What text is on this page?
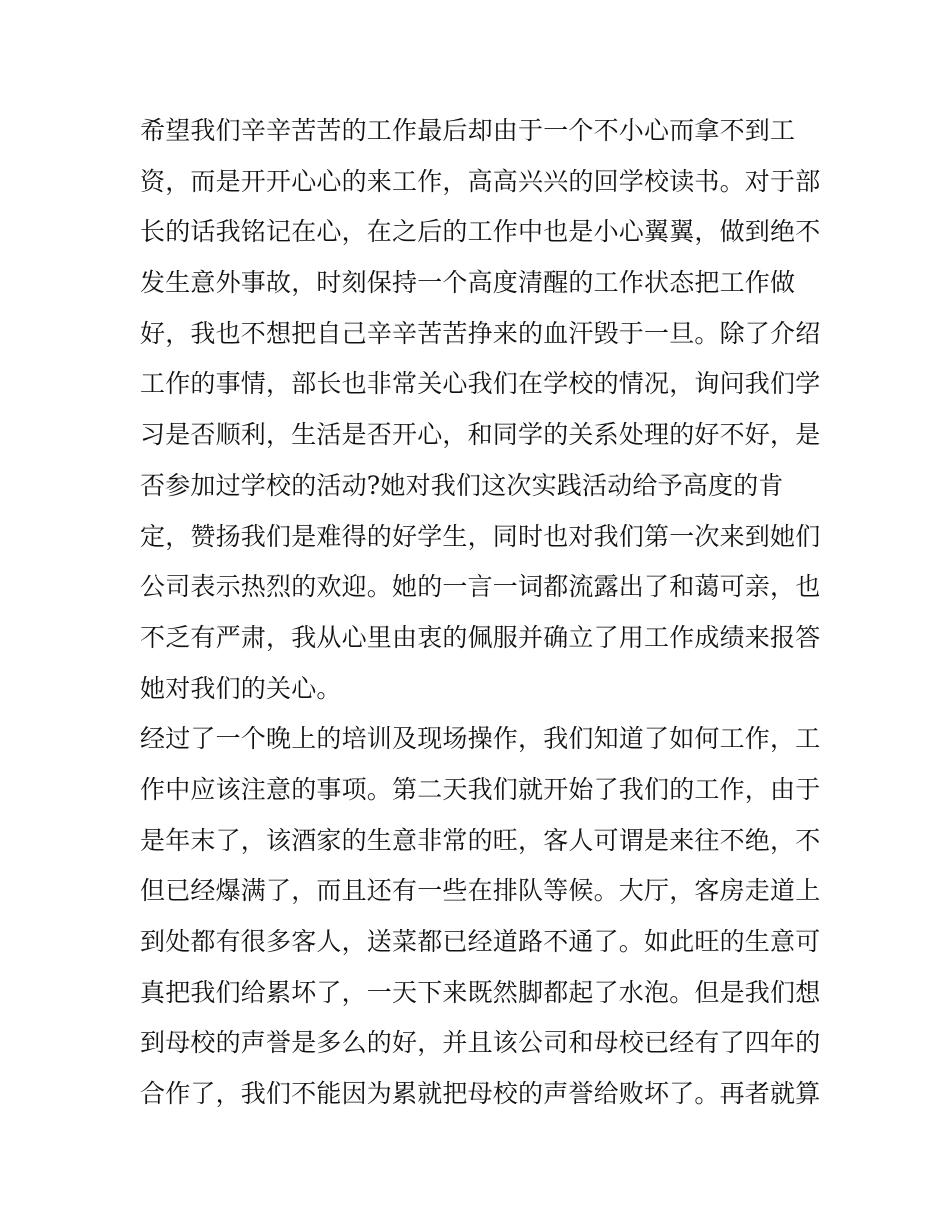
希望我们辛辛苦苦的工作最后却由于一个不小心而拿不到工
资，而是开开心心的来工作，高高兴兴的回学校读书。对于部
长的话我铭记在心，在之后的工作中也是小心翼翼，做到绝不
发生意外事故，时刻保持一个高度清醒的工作状态把工作做
好，我也不想把自己辛辛苦苦挣来的血汗毁于一旦。除了介绍
工作的事情，部长也非常关心我们在学校的情况，询问我们学
习是否顺利，生活是否开心，和同学的关系处理的好不好，是
否参加过学校的活动?她对我们这次实践活动给予高度的肯
定，赞扬我们是难得的好学生，同时也对我们第一次来到她们
公司表示热烈的欢迎。她的一言一词都流露出了和蔼可亲，也
不乏有严肃，我从心里由衷的佩服并确立了用工作成绩来报答
她对我们的关心。
经过了一个晚上的培训及现场操作，我们知道了如何工作，工
作中应该注意的事项。第二天我们就开始了我们的工作，由于
是年末了，该酒家的生意非常的旺，客人可谓是来往不绝，不
但已经爆满了，而且还有一些在排队等候。大厅，客房走道上
到处都有很多客人，送菜都已经道路不通了。如此旺的生意可
真把我们给累坏了，一天下来既然脚都起了水泡。但是我们想
到母校的声誉是多么的好，并且该公司和母校已经有了四年的
合作了，我们不能因为累就把母校的声誉给败坏了。再者就算
